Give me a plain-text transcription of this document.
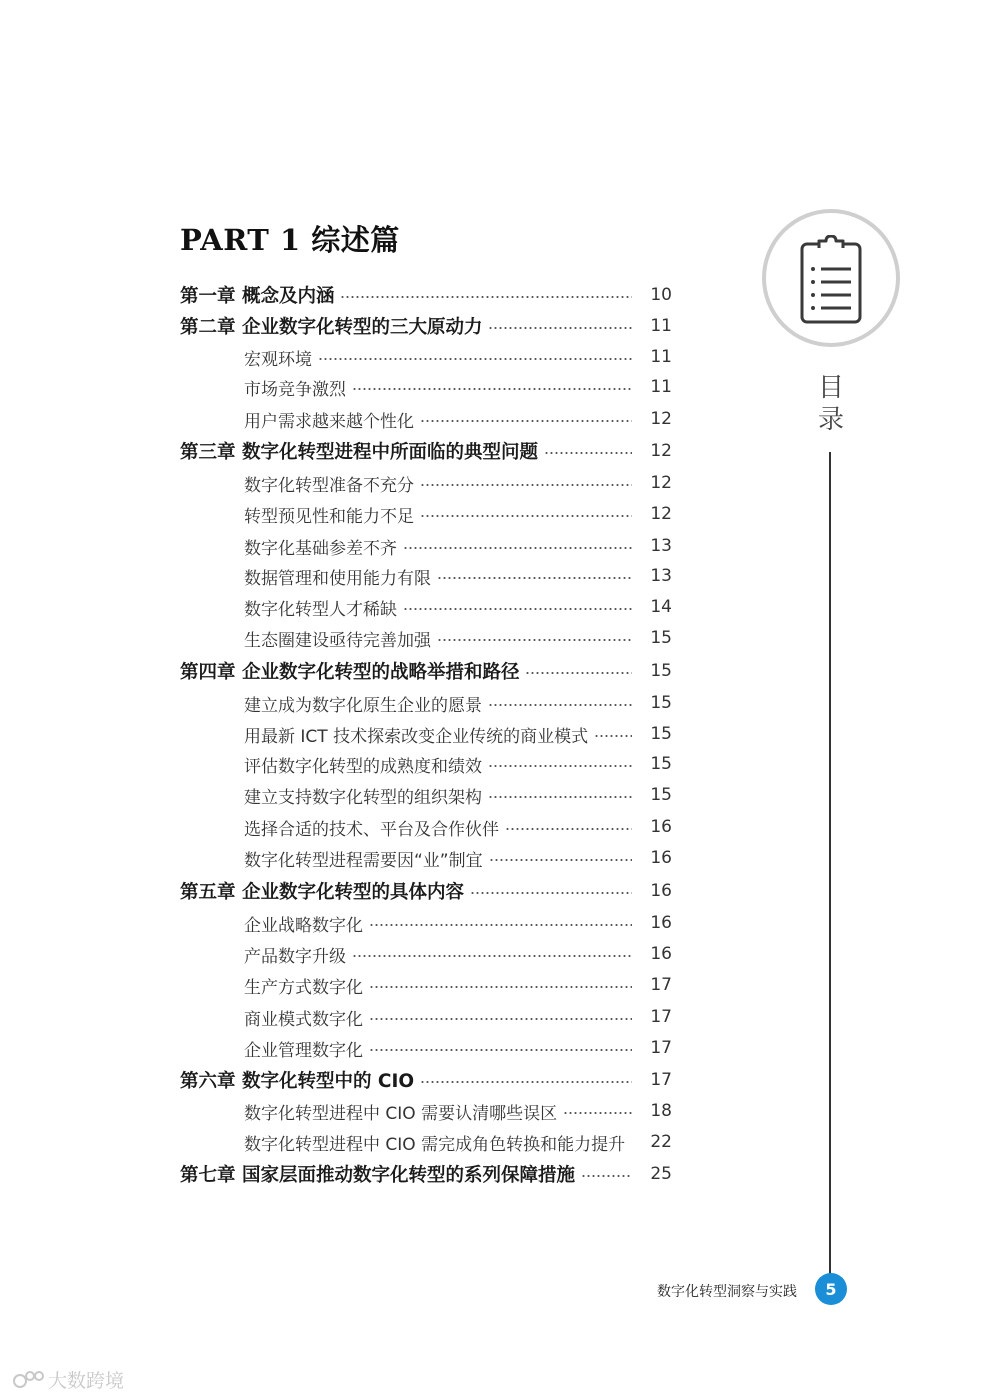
PART 1 综述篇
第一章 概念及内涵	10
第二章 企业数字化转型的三大原动力	11
宏观环境	11
市场竞争激烈	11
用户需求越来越个性化	12
第三章 数字化转型进程中所面临的典型问题	12
数字化转型准备不充分	12
转型预见性和能力不足	12
数字化基础参差不齐	13
数据管理和使用能力有限	13
数字化转型人才稀缺	14
生态圈建设亟待完善加强	15
第四章 企业数字化转型的战略举措和路径	15
建立成为数字化原生企业的愿景	15
用最新 ICT 技术探索改变企业传统的商业模式	15
评估数字化转型的成熟度和绩效	15
建立支持数字化转型的组织架构	15
选择合适的技术、平台及合作伙伴	16
数字化转型进程需要因“业”制宜	16
第五章 企业数字化转型的具体内容	16
企业战略数字化	16
产品数字升级	16
生产方式数字化	17
商业模式数字化	17
企业管理数字化	17
第六章 数字化转型中的 CIO	17
数字化转型进程中 CIO 需要认清哪些误区	18
数字化转型进程中 CIO 需完成角色转换和能力提升	22
第七章 国家层面推动数字化转型的系列保障措施	25
目
录
数字化转型洞察与实践	5
大数跨境
